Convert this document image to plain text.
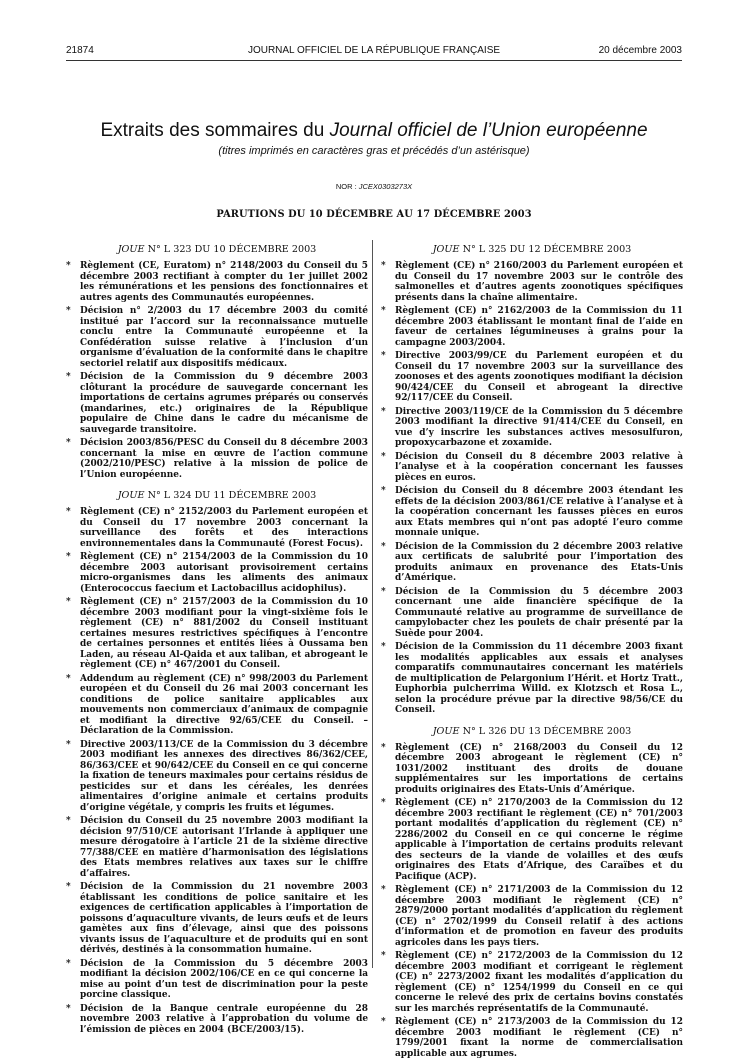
21874	JOURNAL OFFICIEL DE LA RÉPUBLIQUE FRANÇAISE	20 décembre 2003
Extraits des sommaires du Journal officiel de l’Union européenne
(titres imprimés en caractères gras et précédés d’un astérisque)
NOR : JCEX0303273X
PARUTIONS DU 10 DÉCEMBRE AU 17 DÉCEMBRE 2003
JOUE N° L 323 DU 10 DÉCEMBRE 2003
* Règlement (CE, Euratom) n° 2148/2003 du Conseil du 5 décembre 2003 rectifiant à compter du 1er juillet 2002 les rémunérations et les pensions des fonctionnaires et autres agents des Communautés européennes.
* Décision n° 2/2003 du 17 décembre 2003 du comité institué par l’accord sur la reconnaissance mutuelle conclu entre la Communauté européenne et la Confédération suisse relative à l’inclusion d’un organisme d’évaluation de la conformité dans le chapitre sectoriel relatif aux dispositifs médicaux.
* Décision de la Commission du 9 décembre 2003 clôturant la procédure de sauvegarde concernant les importations de certains agrumes préparés ou conservés (mandarines, etc.) originaires de la République populaire de Chine dans le cadre du mécanisme de sauvegarde transitoire.
* Décision 2003/856/PESC du Conseil du 8 décembre 2003 concernant la mise en œuvre de l’action commune (2002/210/PESC) relative à la mission de police de l’Union européenne.
JOUE N° L 324 DU 11 DÉCEMBRE 2003
* Règlement (CE) n° 2152/2003 du Parlement européen et du Conseil du 17 novembre 2003 concernant la surveillance des forêts et des interactions environnementales dans la Communauté (Forest Focus).
* Règlement (CE) n° 2154/2003 de la Commission du 10 décembre 2003 autorisant provisoirement certains micro-organismes dans les aliments des animaux (Enterococcus faecium et Lactobacillus acidophilus).
* Règlement (CE) n° 2157/2003 de la Commission du 10 décembre 2003 modifiant pour la vingt-sixième fois le règlement (CE) n° 881/2002 du Conseil instituant certaines mesures restrictives spécifiques à l’encontre de certaines personnes et entités liées à Oussama ben Laden, au réseau Al-Qaida et aux taliban, et abrogeant le règlement (CE) n° 467/2001 du Conseil.
* Addendum au règlement (CE) n° 998/2003 du Parlement européen et du Conseil du 26 mai 2003 concernant les conditions de police sanitaire applicables aux mouvements non commerciaux d’animaux de compagnie et modifiant la directive 92/65/CEE du Conseil. – Déclaration de la Commission.
* Directive 2003/113/CE de la Commission du 3 décembre 2003 modifiant les annexes des directives 86/362/CEE, 86/363/CEE et 90/642/CEE du Conseil en ce qui concerne la fixation de teneurs maximales pour certains résidus de pesticides sur et dans les céréales, les denrées alimentaires d’origine animale et certains produits d’origine végétale, y compris les fruits et légumes.
* Décision du Conseil du 25 novembre 2003 modifiant la décision 97/510/CE autorisant l’Irlande à appliquer une mesure dérogatoire à l’article 21 de la sixième directive 77/388/CEE en matière d’harmonisation des législations des Etats membres relatives aux taxes sur le chiffre d’affaires.
* Décision de la Commission du 21 novembre 2003 établissant les conditions de police sanitaire et les exigences de certification applicables à l’importation de poissons d’aquaculture vivants, de leurs œufs et de leurs gamètes aux fins d’élevage, ainsi que des poissons vivants issus de l’aquaculture et de produits qui en sont dérivés, destinés à la consommation humaine.
* Décision de la Commission du 5 décembre 2003 modifiant la décision 2002/106/CE en ce qui concerne la mise au point d’un test de discrimination pour la peste porcine classique.
* Décision de la Banque centrale européenne du 28 novembre 2003 relative à l’approbation du volume de l’émission de pièces en 2004 (BCE/2003/15).
JOUE N° L 325 DU 12 DÉCEMBRE 2003
* Règlement (CE) n° 2160/2003 du Parlement européen et du Conseil du 17 novembre 2003 sur le contrôle des salmonelles et d’autres agents zoonotiques spécifiques présents dans la chaîne alimentaire.
* Règlement (CE) n° 2162/2003 de la Commission du 11 décembre 2003 établissant le montant final de l’aide en faveur de certaines légumineuses à grains pour la campagne 2003/2004.
* Directive 2003/99/CE du Parlement européen et du Conseil du 17 novembre 2003 sur la surveillance des zoonoses et des agents zoonotiques modifiant la décision 90/424/CEE du Conseil et abrogeant la directive 92/117/CEE du Conseil.
* Directive 2003/119/CE de la Commission du 5 décembre 2003 modifiant la directive 91/414/CEE du Conseil, en vue d’y inscrire les substances actives mesosulfuron, propoxycarbazone et zoxamide.
* Décision du Conseil du 8 décembre 2003 relative à l’analyse et à la coopération concernant les fausses pièces en euros.
* Décision du Conseil du 8 décembre 2003 étendant les effets de la décision 2003/861/CE relative à l’analyse et à la coopération concernant les fausses pièces en euros aux Etats membres qui n’ont pas adopté l’euro comme monnaie unique.
* Décision de la Commission du 2 décembre 2003 relative aux certificats de salubrité pour l’importation des produits animaux en provenance des Etats-Unis d’Amérique.
* Décision de la Commission du 5 décembre 2003 concernant une aide financière spécifique de la Communauté relative au programme de surveillance de campylobacter chez les poulets de chair présenté par la Suède pour 2004.
* Décision de la Commission du 11 décembre 2003 fixant les modalités applicables aux essais et analyses comparatifs communautaires concernant les matériels de multiplication de Pelargonium l’Hérit. et Hortz Tratt., Euphorbia pulcherrima Willd. ex Klotzsch et Rosa L., selon la procédure prévue par la directive 98/56/CE du Conseil.
JOUE N° L 326 DU 13 DÉCEMBRE 2003
* Règlement (CE) n° 2168/2003 du Conseil du 12 décembre 2003 abrogeant le règlement (CE) n° 1031/2002 instituant des droits de douane supplémentaires sur les importations de certains produits originaires des Etats-Unis d’Amérique.
* Règlement (CE) n° 2170/2003 de la Commission du 12 décembre 2003 rectifiant le règlement (CE) n° 701/2003 portant modalités d’application du règlement (CE) n° 2286/2002 du Conseil en ce qui concerne le régime applicable à l’importation de certains produits relevant des secteurs de la viande de volailles et des œufs originaires des Etats d’Afrique, des Caraïbes et du Pacifique (ACP).
* Règlement (CE) n° 2171/2003 de la Commission du 12 décembre 2003 modifiant le règlement (CE) n° 2879/2000 portant modalités d’application du règlement (CE) n° 2702/1999 du Conseil relatif à des actions d’information et de promotion en faveur des produits agricoles dans les pays tiers.
* Règlement (CE) n° 2172/2003 de la Commission du 12 décembre 2003 modifiant et corrigeant le règlement (CE) n° 2273/2002 fixant les modalités d’application du règlement (CE) n° 1254/1999 du Conseil en ce qui concerne le relevé des prix de certains bovins constatés sur les marchés représentatifs de la Communauté.
* Règlement (CE) n° 2173/2003 de la Commission du 12 décembre 2003 modifiant le règlement (CE) n° 1799/2001 fixant la norme de commercialisation applicable aux agrumes.
